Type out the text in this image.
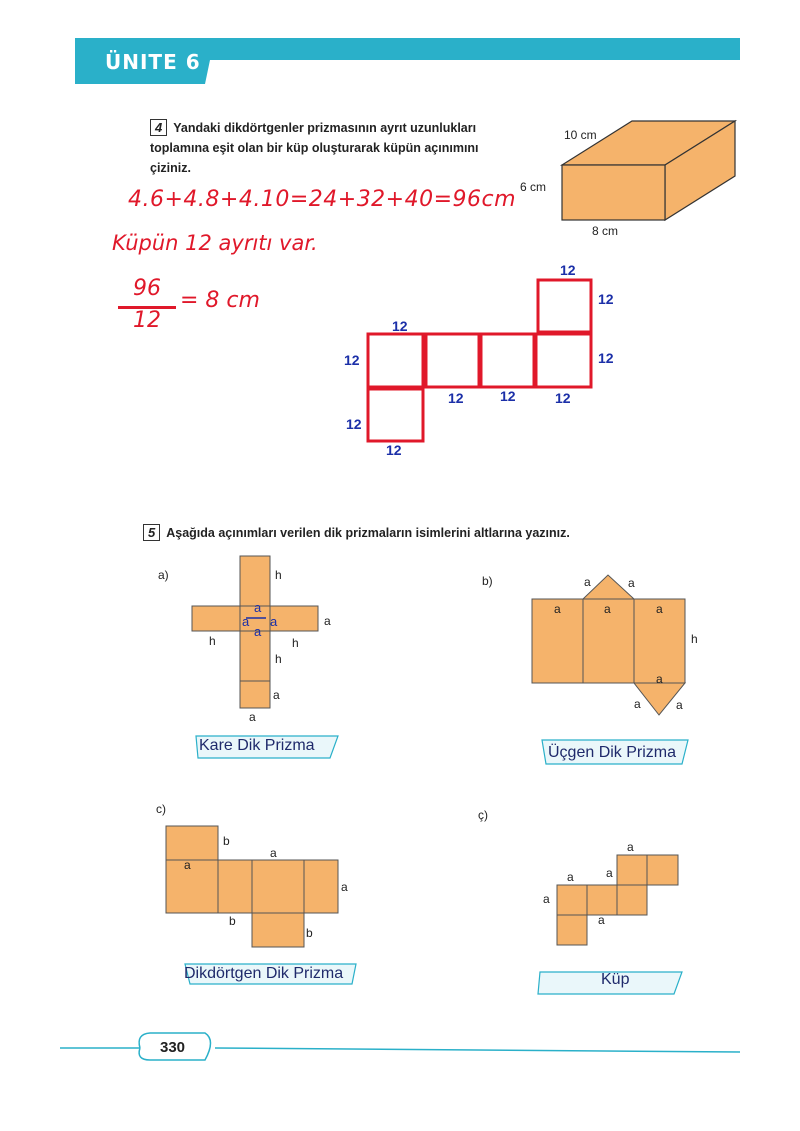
ÜNITE 6
4 Yandaki dikdörtgenler prizmasının ayrıt uzunlukları toplamına eşit olan bir küp oluşturarak küpün açınımını çiziniz.
10 cm
6 cm
8 cm
4.6+4.8+4.10=24+32+40=96cm
Küpün 12 ayrıtı var.
96
12
= 8 cm
12
12
12
12	12
12	12	12
12
12
5 Aşağıda açınımları verilen dik prizmaların isimlerini altlarına yazınız.
a)	b)
c)	ç)
h
a
h	h
h
a
a
a
a a
a
a	a
a	a	a
h
a
a	a
b
a
a
a
b
b
a
a	a
a
a
Kare Dik Prizma	Üçgen Dik Prizma
Dikdörtgen Dik Prizma	Küp
330
